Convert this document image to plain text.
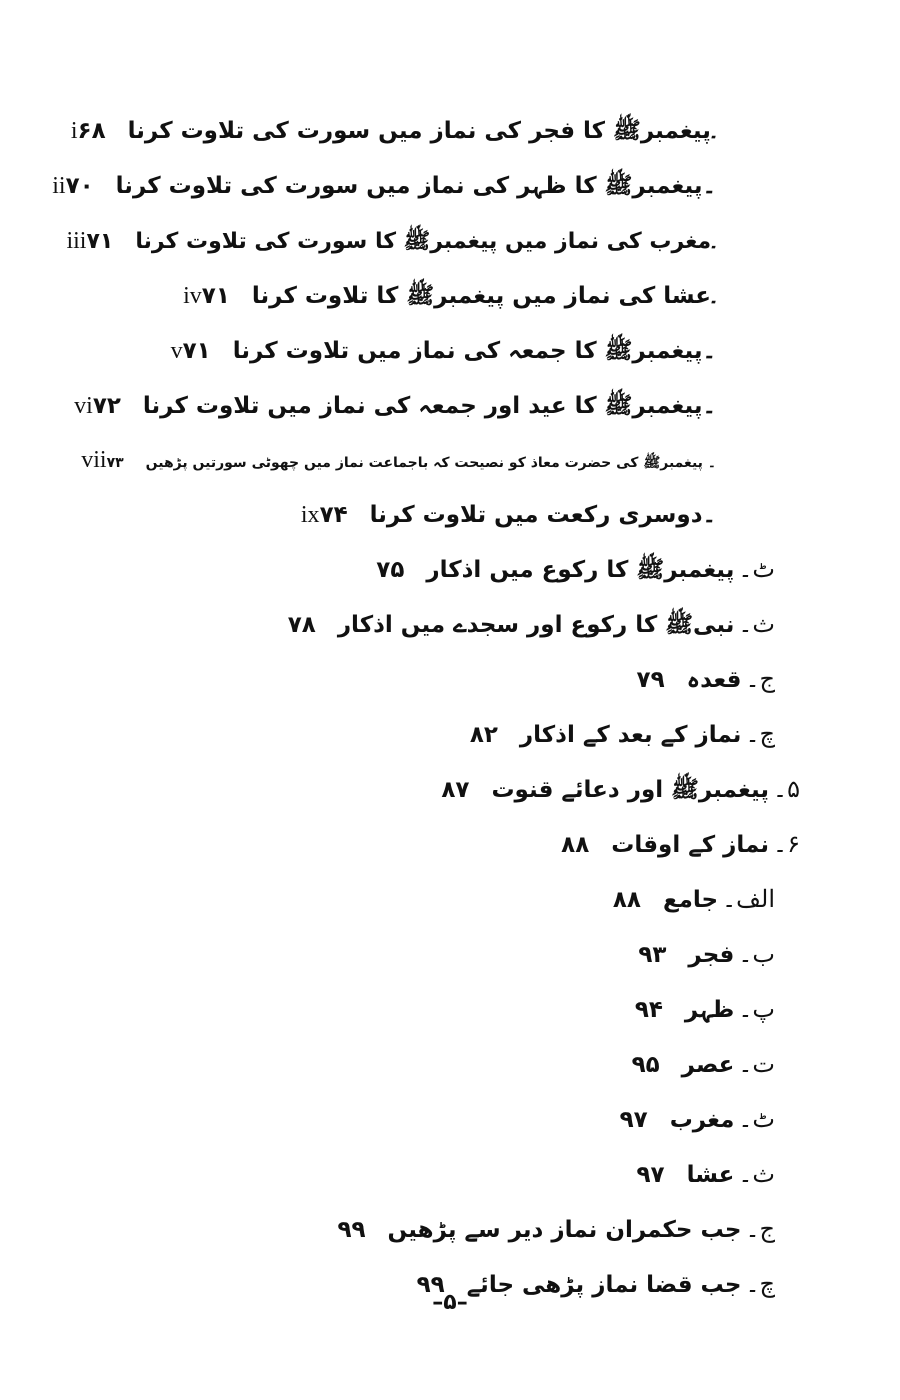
i ۔پیغمبرﷺ کا فجر کی نماز میں سورت کی تلاوت کرنا۶۸
ii ۔پیغمبرﷺ کا ظہر کی نماز میں سورت کی تلاوت کرنا۷۰
iii ۔مغرب کی نماز میں پیغمبرﷺ کا سورت کی تلاوت کرنا۷۱
iv ۔عشا کی نماز میں پیغمبرﷺ کا تلاوت کرنا۷۱
v ۔پیغمبرﷺ کا جمعہ کی نماز میں تلاوت کرنا۷۱
vi ۔پیغمبرﷺ کا عید اور جمعہ کی نماز میں تلاوت کرنا۷۲
vii	۔ پیغمبرﷺ کی حضرت معاذ کو نصیحت کہ باجماعت نماز میں چھوٹی سورتیں پڑھیں۷۳
ix ۔دوسری رکعت میں تلاوت کرنا۷۴
ٹ۔پیغمبرﷺ کا رکوع میں اذکار۷۵
ث۔نبیﷺ کا رکوع اور سجدے میں اذکار۷۸
ج۔قعدہ۷۹
چ۔نماز کے بعد کے اذکار۸۲
۵۔پیغمبرﷺ اور دعائے قنوت۸۷
۶۔نماز کے اوقات۸۸
الف۔جامع۸۸
ب۔فجر۹۳
پ۔ظہر۹۴
ت۔عصر۹۵
ٹ۔مغرب۹۷
ث۔عشا۹۷
ج۔جب حکمران نماز دیر سے پڑھیں۹۹
چ۔جب قضا نماز پڑھی جائے۹۹
–۵–
